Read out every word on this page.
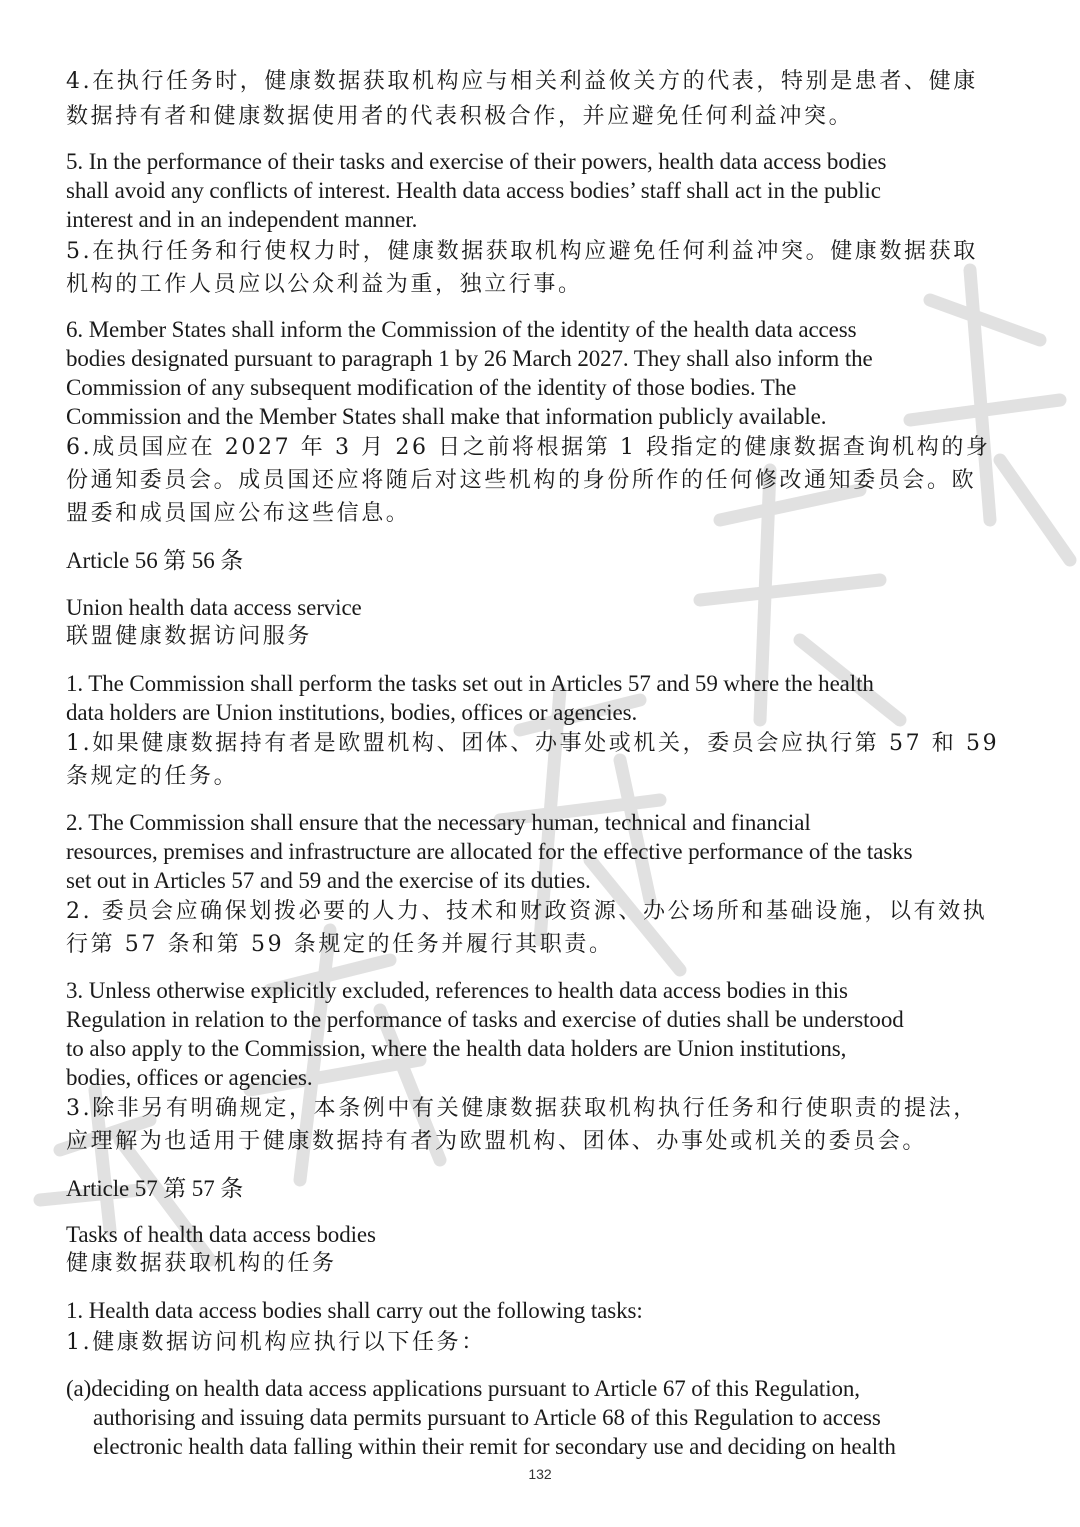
4.在执行任务时，健康数据获取机构应与相关利益攸关方的代表，特别是患者、健康
数据持有者和健康数据使用者的代表积极合作，并应避免任何利益冲突。
5. In the performance of their tasks and exercise of their powers, health data access bodies
shall avoid any conflicts of interest. Health data access bodies’ staff shall act in the public
interest and in an independent manner.
5.在执行任务和行使权力时，健康数据获取机构应避免任何利益冲突。健康数据获取
机构的工作人员应以公众利益为重，独立行事。
6. Member States shall inform the Commission of the identity of the health data access
bodies designated pursuant to paragraph 1 by 26 March 2027. They shall also inform the
Commission of any subsequent modification of the identity of those bodies. The
Commission and the Member States shall make that information publicly available.
6.成员国应在 2027 年 3 月 26 日之前将根据第 1 段指定的健康数据查询机构的身
份通知委员会。成员国还应将随后对这些机构的身份所作的任何修改通知委员会。欧
盟委和成员国应公布这些信息。
Article 56 第 56 条
Union health data access service
联盟健康数据访问服务
1. The Commission shall perform the tasks set out in Articles 57 and 59 where the health
data holders are Union institutions, bodies, offices or agencies.
1.如果健康数据持有者是欧盟机构、团体、办事处或机关，委员会应执行第 57 和 59
条规定的任务。
2. The Commission shall ensure that the necessary human, technical and financial
resources, premises and infrastructure are allocated for the effective performance of the tasks
set out in Articles 57 and 59 and the exercise of its duties.
2. 委员会应确保划拨必要的人力、技术和财政资源、办公场所和基础设施，以有效执
行第 57 条和第 59 条规定的任务并履行其职责。
3. Unless otherwise explicitly excluded, references to health data access bodies in this
Regulation in relation to the performance of tasks and exercise of duties shall be understood
to also apply to the Commission, where the health data holders are Union institutions,
bodies, offices or agencies.
3.除非另有明确规定，本条例中有关健康数据获取机构执行任务和行使职责的提法，
应理解为也适用于健康数据持有者为欧盟机构、团体、办事处或机关的委员会。
Article 57 第 57 条
Tasks of health data access bodies
健康数据获取机构的任务
1. Health data access bodies shall carry out the following tasks:
1.健康数据访问机构应执行以下任务：
(a)deciding on health data access applications pursuant to Article 67 of this Regulation,
authorising and issuing data permits pursuant to Article 68 of this Regulation to access
electronic health data falling within their remit for secondary use and deciding on health
132
